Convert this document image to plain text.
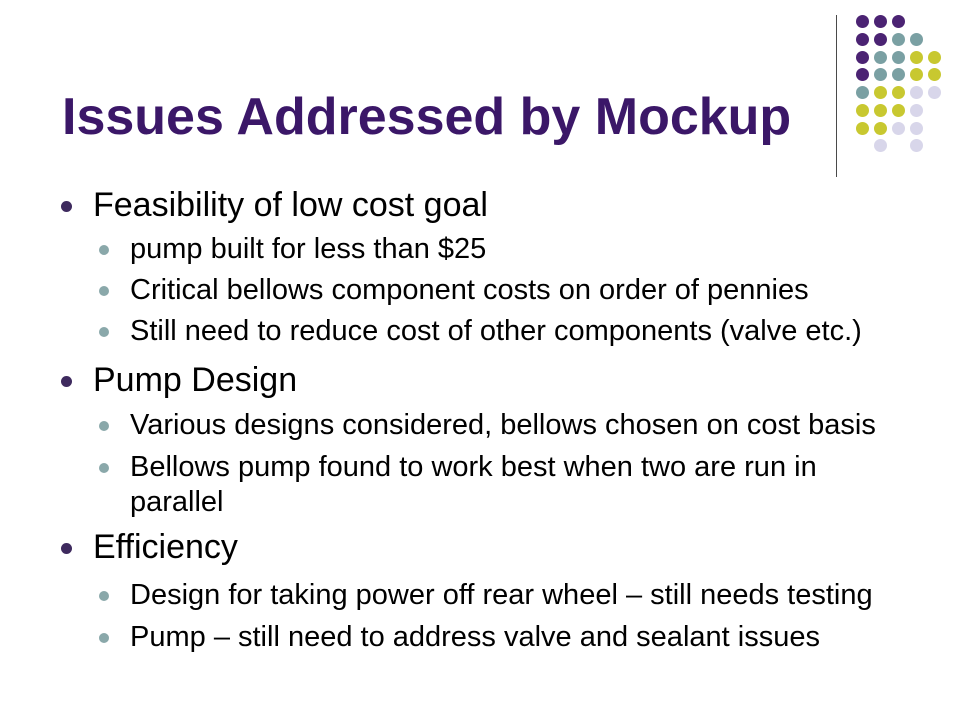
Issues Addressed by Mockup
Feasibility of low cost goal
pump built for less than $25
Critical bellows component costs on order of pennies
Still need to reduce cost of other components (valve etc.)
Pump Design
Various designs considered, bellows chosen on cost basis
Bellows pump found to work best when two are run in parallel
Efficiency
Design for taking power off rear wheel – still needs testing
Pump – still need to address valve and sealant issues
